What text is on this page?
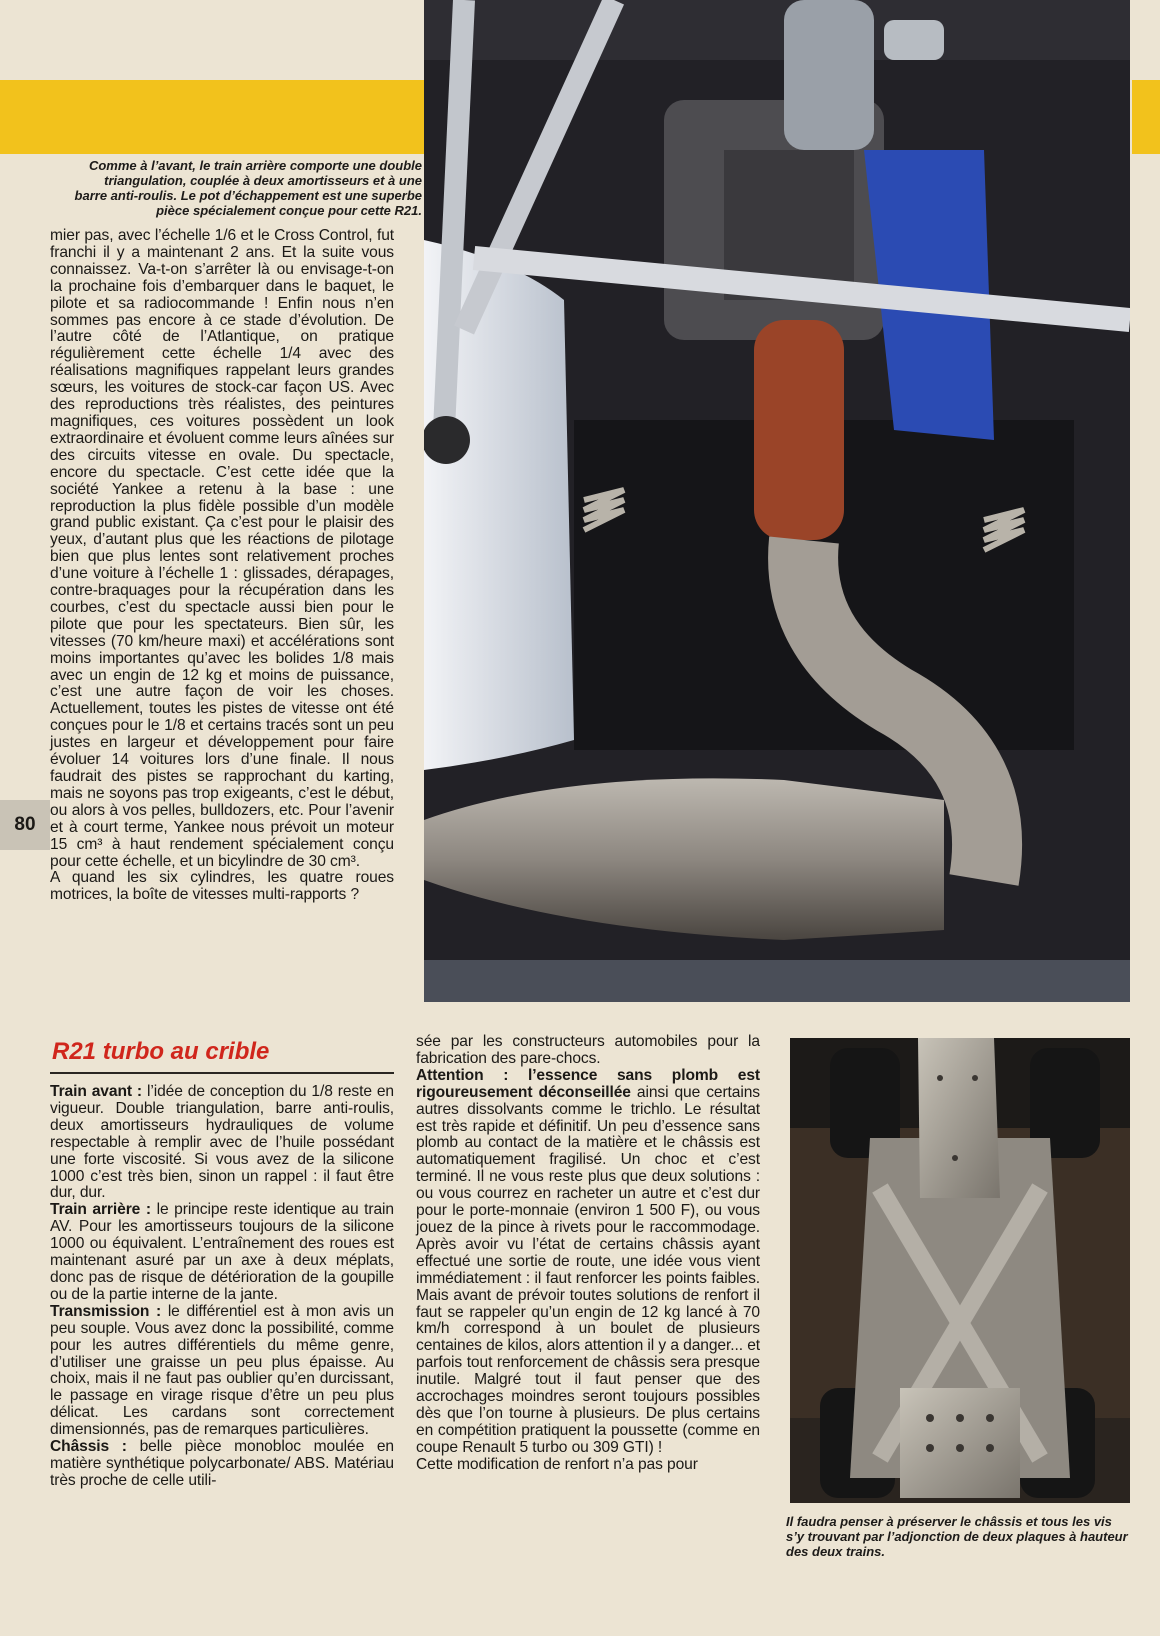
Comme à l’avant, le train arrière comporte une double triangulation, couplée à deux amortisseurs et à une barre anti-roulis. Le pot d’échappement est une superbe pièce spécialement conçue pour cette R21.
mier pas, avec l’échelle 1/6 et le Cross Control, fut franchi il y a maintenant 2 ans. Et la suite vous connaissez. Va-t-on s’arrêter là ou envisage-t-on la prochaine fois d’embarquer dans le baquet, le pilote et sa radiocommande ! Enfin nous n’en sommes pas encore à ce stade d’évolution. De l’autre côté de l’Atlantique, on pratique régulièrement cette échelle 1/4 avec des réalisations magnifiques rappelant leurs grandes sœurs, les voitures de stock-car façon US. Avec des reproductions très réalistes, des peintures magnifiques, ces voitures possèdent un look extraordinaire et évoluent comme leurs aînées sur des circuits vitesse en ovale. Du spectacle, encore du spectacle. C’est cette idée que la société Yankee a retenu à la base : une reproduction la plus fidèle possible d’un modèle grand public existant. Ça c’est pour le plaisir des yeux, d’autant plus que les réactions de pilotage bien que plus lentes sont relativement proches d’une voiture à l’échelle 1 : glissades, dérapages, contre-braquages pour la récupération dans les courbes, c’est du spectacle aussi bien pour le pilote que pour les spectateurs. Bien sûr, les vitesses (70 km/heure maxi) et accélérations sont moins importantes qu’avec les bolides 1/8 mais avec un engin de 12 kg et moins de puissance, c’est une autre façon de voir les choses. Actuellement, toutes les pistes de vitesse ont été conçues pour le 1/8 et certains tracés sont un peu justes en largeur et développement pour faire évoluer 14 voitures lors d’une finale. Il nous faudrait des pistes se rapprochant du karting, mais ne soyons pas trop exigeants, c’est le début, ou alors à vos pelles, bulldozers, etc. Pour l’avenir et à court terme, Yankee nous prévoit un moteur 15 cm³ à haut rendement spécialement conçu pour cette échelle, et un bicylindre de 30 cm³.
A quand les six cylindres, les quatre roues motrices, la boîte de vitesses multi-rapports ?
80
R21 turbo au crible
Train avant : l’idée de conception du 1/8 reste en vigueur. Double triangulation, barre anti-roulis, deux amortisseurs hydrauliques de volume respectable à remplir avec de l’huile possédant une forte viscosité. Si vous avez de la silicone 1000 c’est très bien, sinon un rappel : il faut être dur, dur.
Train arrière : le principe reste identique au train AV. Pour les amortisseurs toujours de la silicone 1000 ou équivalent. L’entraînement des roues est maintenant asuré par un axe à deux méplats, donc pas de risque de détérioration de la goupille ou de la partie interne de la jante.
Transmission : le différentiel est à mon avis un peu souple. Vous avez donc la possibilité, comme pour les autres différentiels du même genre, d’utiliser une graisse un peu plus épaisse. Au choix, mais il ne faut pas oublier qu’en durcissant, le passage en virage risque d’être un peu plus délicat. Les cardans sont correctement dimensionnés, pas de remarques particulières.
Châssis : belle pièce monobloc moulée en matière synthétique polycarbonate/ ABS. Matériau très proche de celle utili-
sée par les constructeurs automobiles pour la fabrication des pare-chocs.
Attention : l’essence sans plomb est rigoureusement déconseillée ainsi que certains autres dissolvants comme le trichlo. Le résultat est très rapide et définitif. Un peu d’essence sans plomb au contact de la matière et le châssis est automatiquement fragilisé. Un choc et c’est terminé. Il ne vous reste plus que deux solutions : ou vous courrez en racheter un autre et c’est dur pour le porte-monnaie (environ 1 500 F), ou vous jouez de la pince à rivets pour le raccommodage. Après avoir vu l’état de certains châssis ayant effectué une sortie de route, une idée vous vient immédiatement : il faut renforcer les points faibles. Mais avant de prévoir toutes solutions de renfort il faut se rappeler qu’un engin de 12 kg lancé à 70 km/h correspond à un boulet de plusieurs centaines de kilos, alors attention il y a danger... et parfois tout renforcement de châssis sera presque inutile. Malgré tout il faut penser que des accrochages moindres seront toujours possibles dès que l’on tourne à plusieurs. De plus certains en compétition pratiquent la poussette (comme en coupe Renault 5 turbo ou 309 GTI) !
Cette modification de renfort n’a pas pour
Il faudra penser à préserver le châssis et tous les vis s’y trouvant par l’adjonction de deux plaques à hauteur des deux trains.
